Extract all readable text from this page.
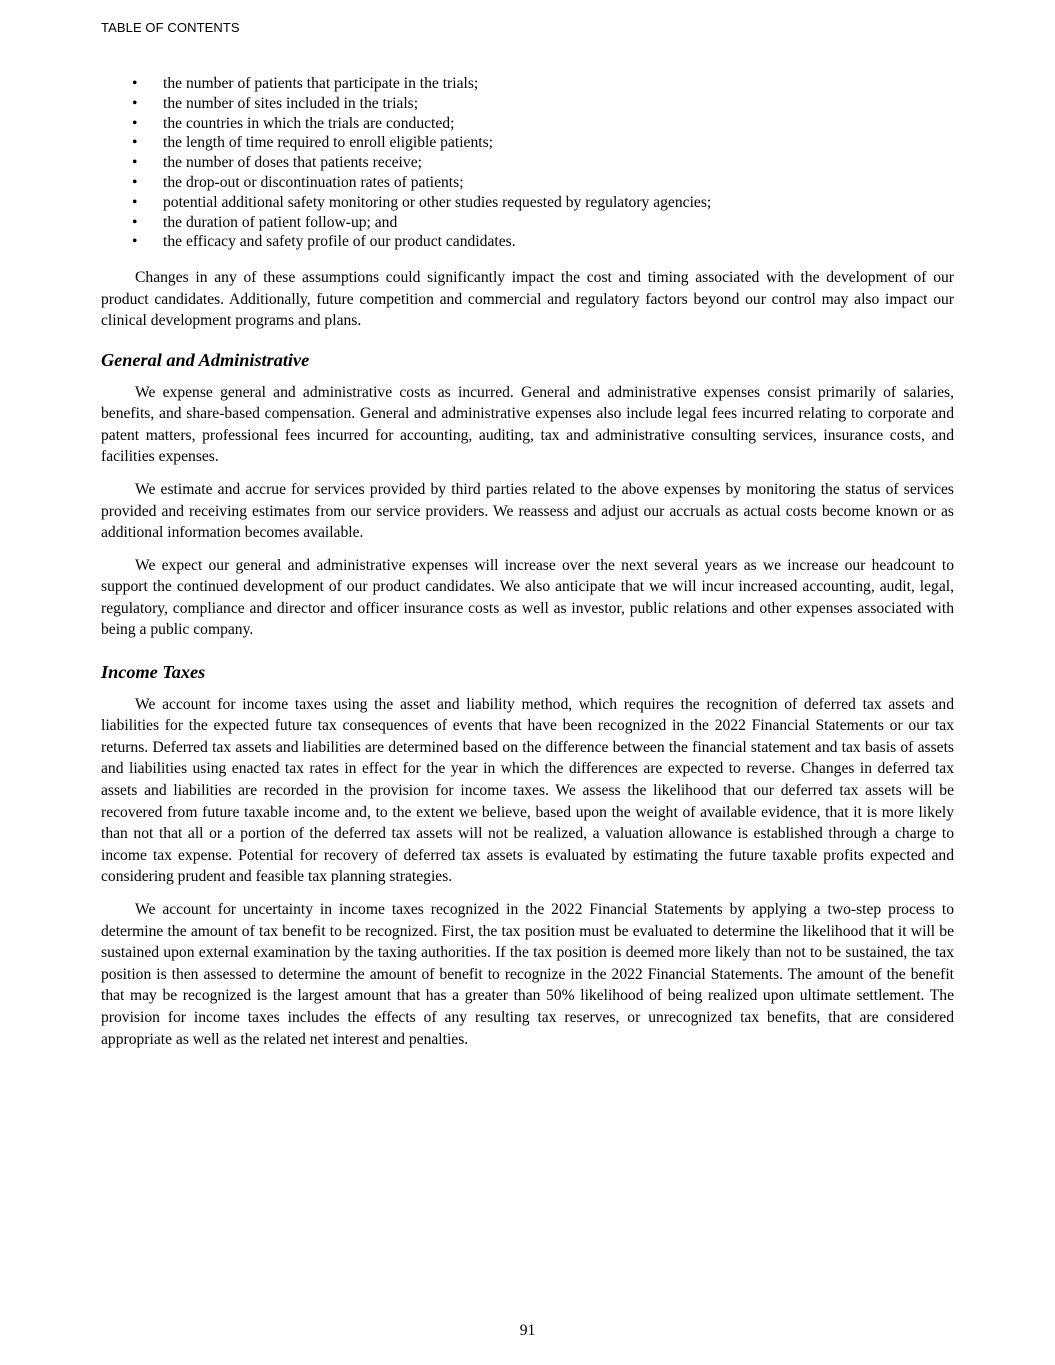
TABLE OF CONTENTS
• the number of patients that participate in the trials;
• the number of sites included in the trials;
• the countries in which the trials are conducted;
• the length of time required to enroll eligible patients;
• the number of doses that patients receive;
• the drop-out or discontinuation rates of patients;
• potential additional safety monitoring or other studies requested by regulatory agencies;
• the duration of patient follow-up; and
• the efficacy and safety profile of our product candidates.

Changes in any of these assumptions could significantly impact the cost and timing associated with the development of our product candidates. Additionally, future competition and commercial and regulatory factors beyond our control may also impact our clinical development programs and plans.

General and Administrative

We expense general and administrative costs as incurred. General and administrative expenses consist primarily of salaries, benefits, and share-based compensation. General and administrative expenses also include legal fees incurred relating to corporate and patent matters, professional fees incurred for accounting, auditing, tax and administrative consulting services, insurance costs, and facilities expenses.

We estimate and accrue for services provided by third parties related to the above expenses by monitoring the status of services provided and receiving estimates from our service providers. We reassess and adjust our accruals as actual costs become known or as additional information becomes available.

We expect our general and administrative expenses will increase over the next several years as we increase our headcount to support the continued development of our product candidates. We also anticipate that we will incur increased accounting, audit, legal, regulatory, compliance and director and officer insurance costs as well as investor, public relations and other expenses associated with being a public company.

Income Taxes

We account for income taxes using the asset and liability method, which requires the recognition of deferred tax assets and liabilities for the expected future tax consequences of events that have been recognized in the 2022 Financial Statements or our tax returns. Deferred tax assets and liabilities are determined based on the difference between the financial statement and tax basis of assets and liabilities using enacted tax rates in effect for the year in which the differences are expected to reverse. Changes in deferred tax assets and liabilities are recorded in the provision for income taxes. We assess the likelihood that our deferred tax assets will be recovered from future taxable income and, to the extent we believe, based upon the weight of available evidence, that it is more likely than not that all or a portion of the deferred tax assets will not be realized, a valuation allowance is established through a charge to income tax expense. Potential for recovery of deferred tax assets is evaluated by estimating the future taxable profits expected and considering prudent and feasible tax planning strategies.

We account for uncertainty in income taxes recognized in the 2022 Financial Statements by applying a two-step process to determine the amount of tax benefit to be recognized. First, the tax position must be evaluated to determine the likelihood that it will be sustained upon external examination by the taxing authorities. If the tax position is deemed more likely than not to be sustained, the tax position is then assessed to determine the amount of benefit to recognize in the 2022 Financial Statements. The amount of the benefit that may be recognized is the largest amount that has a greater than 50% likelihood of being realized upon ultimate settlement. The provision for income taxes includes the effects of any resulting tax reserves, or unrecognized tax benefits, that are considered appropriate as well as the related net interest and penalties.

91
